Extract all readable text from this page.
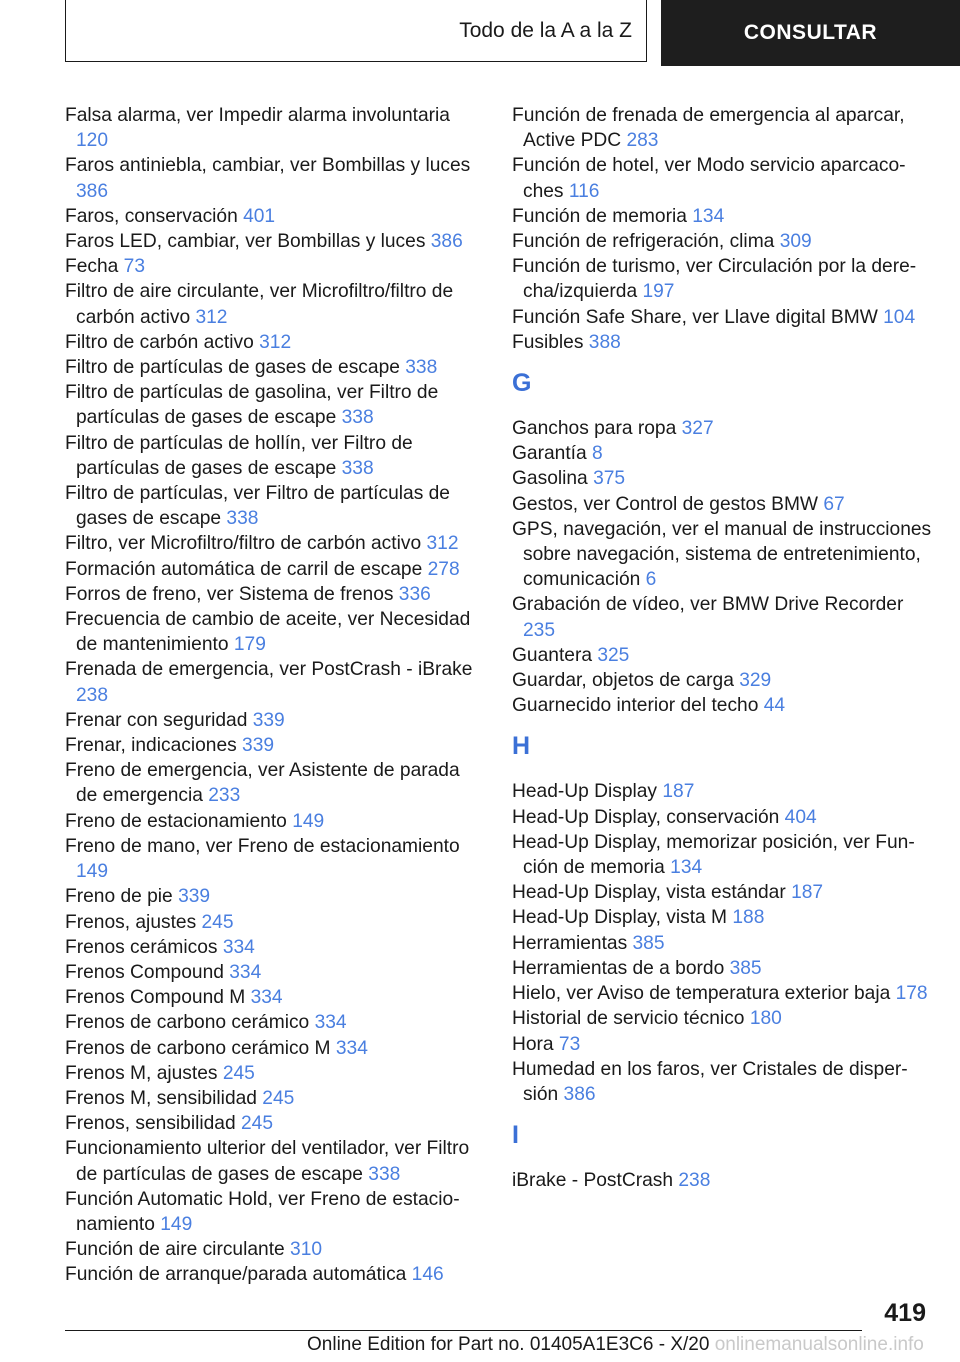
Todo de la A a la Z	CONSULTAR
Falsa alarma, ver Impedir alarma involuntaria 120
Faros antiniebla, cambiar, ver Bombillas y luces 386
Faros, conservación 401
Faros LED, cambiar, ver Bombillas y luces 386
Fecha 73
Filtro de aire circulante, ver Microfiltro/filtro de carbón activo 312
Filtro de carbón activo 312
Filtro de partículas de gases de escape 338
Filtro de partículas de gasolina, ver Filtro de partículas de gases de escape 338
Filtro de partículas de hollín, ver Filtro de partículas de gases de escape 338
Filtro de partículas, ver Filtro de partículas de gases de escape 338
Filtro, ver Microfiltro/filtro de carbón activo 312
Formación automática de carril de escape 278
Forros de freno, ver Sistema de frenos 336
Frecuencia de cambio de aceite, ver Necesidad de mantenimiento 179
Frenada de emergencia, ver PostCrash - iBrake 238
Frenar con seguridad 339
Frenar, indicaciones 339
Freno de emergencia, ver Asistente de parada de emergencia 233
Freno de estacionamiento 149
Freno de mano, ver Freno de estacionamiento 149
Freno de pie 339
Frenos, ajustes 245
Frenos cerámicos 334
Frenos Compound 334
Frenos Compound M 334
Frenos de carbono cerámico 334
Frenos de carbono cerámico M 334
Frenos M, ajustes 245
Frenos M, sensibilidad 245
Frenos, sensibilidad 245
Funcionamiento ulterior del ventilador, ver Filtro de partículas de gases de escape 338
Función Automatic Hold, ver Freno de estacionamiento 149
Función de aire circulante 310
Función de arranque/parada automática 146
Función de frenada de emergencia al aparcar, Active PDC 283
Función de hotel, ver Modo servicio aparcacoches 116
Función de memoria 134
Función de refrigeración, clima 309
Función de turismo, ver Circulación por la derecha/izquierda 197
Función Safe Share, ver Llave digital BMW 104
Fusibles 388
G
Ganchos para ropa 327
Garantía 8
Gasolina 375
Gestos, ver Control de gestos BMW 67
GPS, navegación, ver el manual de instrucciones sobre navegación, sistema de entretenimiento, comunicación 6
Grabación de vídeo, ver BMW Drive Recorder 235
Guantera 325
Guardar, objetos de carga 329
Guarnecido interior del techo 44
H
Head-Up Display 187
Head-Up Display, conservación 404
Head-Up Display, memorizar posición, ver Función de memoria 134
Head-Up Display, vista estándar 187
Head-Up Display, vista M 188
Herramientas 385
Herramientas de a bordo 385
Hielo, ver Aviso de temperatura exterior baja 178
Historial de servicio técnico 180
Hora 73
Humedad en los faros, ver Cristales de dispersión 386
I
iBrake - PostCrash 238
419
Online Edition for Part no. 01405A1E3C6 - X/20 onlinemanualsonline.info
